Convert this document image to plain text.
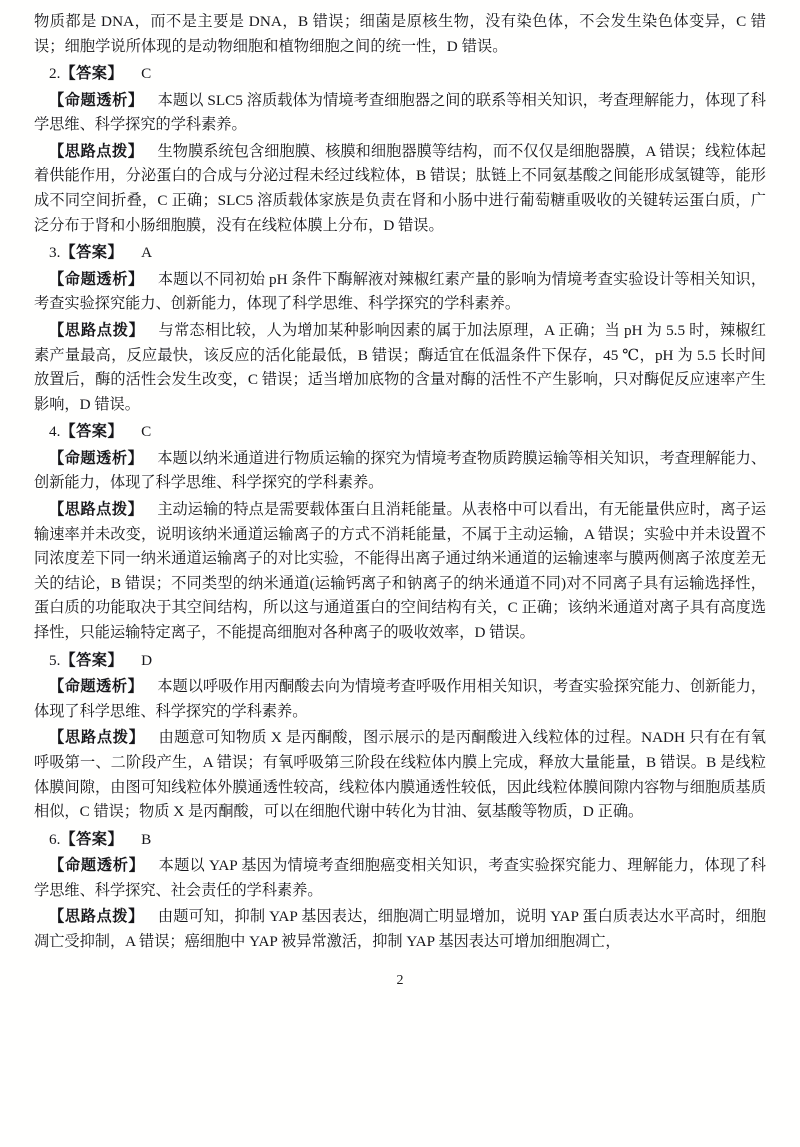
物质都是 DNA，而不是主要是 DNA，B 错误；细菌是原核生物，没有染色体，不会发生染色体变异，C 错误；细胞学说所体现的是动物细胞和植物细胞之间的统一性，D 错误。
2.【答案】 C
【命题透析】 本题以 SLC5 溶质载体为情境考查细胞器之间的联系等相关知识，考查理解能力，体现了科学思维、科学探究的学科素养。
【思路点拨】 生物膜系统包含细胞膜、核膜和细胞器膜等结构，而不仅仅是细胞器膜，A 错误；线粒体起着供能作用，分泌蛋白的合成与分泌过程未经过线粒体，B 错误；肽链上不同氨基酸之间能形成氢键等，能形成不同空间折叠，C 正确；SLC5 溶质载体家族是负责在肾和小肠中进行葡萄糖重吸收的关键转运蛋白质，广泛分布于肾和小肠细胞膜，没有在线粒体膜上分布，D 错误。
3.【答案】 A
【命题透析】 本题以不同初始 pH 条件下酶解液对辣椒红素产量的影响为情境考查实验设计等相关知识，考查实验探究能力、创新能力，体现了科学思维、科学探究的学科素养。
【思路点拨】 与常态相比较，人为增加某种影响因素的属于加法原理，A 正确；当 pH 为 5.5 时，辣椒红素产量最高，反应最快，该反应的活化能最低，B 错误；酶适宜在低温条件下保存，45 ℃，pH 为 5.5 长时间放置后，酶的活性会发生改变，C 错误；适当增加底物的含量对酶的活性不产生影响，只对酶促反应速率产生影响，D 错误。
4.【答案】 C
【命题透析】 本题以纳米通道进行物质运输的探究为情境考查物质跨膜运输等相关知识，考查理解能力、创新能力，体现了科学思维、科学探究的学科素养。
【思路点拨】 主动运输的特点是需要载体蛋白且消耗能量。从表格中可以看出，有无能量供应时，离子运输速率并未改变，说明该纳米通道运输离子的方式不消耗能量，不属于主动运输，A 错误；实验中并未设置不同浓度差下同一纳米通道运输离子的对比实验，不能得出离子通过纳米通道的运输速率与膜两侧离子浓度差无关的结论，B 错误；不同类型的纳米通道(运输钙离子和钠离子的纳米通道不同)对不同离子具有运输选择性，蛋白质的功能取决于其空间结构，所以这与通道蛋白的空间结构有关，C 正确；该纳米通道对离子具有高度选择性，只能运输特定离子，不能提高细胞对各种离子的吸收效率，D 错误。
5.【答案】 D
【命题透析】 本题以呼吸作用丙酮酸去向为情境考查呼吸作用相关知识，考查实验探究能力、创新能力，体现了科学思维、科学探究的学科素养。
【思路点拨】 由题意可知物质 X 是丙酮酸，图示展示的是丙酮酸进入线粒体的过程。NADH 只有在有氧呼吸第一、二阶段产生，A 错误；有氧呼吸第三阶段在线粒体内膜上完成，释放大量能量，B 错误。B 是线粒体膜间隙，由图可知线粒体外膜通透性较高，线粒体内膜通透性较低，因此线粒体膜间隙内容物与细胞质基质相似，C 错误；物质 X 是丙酮酸，可以在细胞代谢中转化为甘油、氨基酸等物质，D 正确。
6.【答案】 B
【命题透析】 本题以 YAP 基因为情境考查细胞癌变相关知识，考查实验探究能力、理解能力，体现了科学思维、科学探究、社会责任的学科素养。
【思路点拨】 由题可知，抑制 YAP 基因表达，细胞凋亡明显增加，说明 YAP 蛋白质表达水平高时，细胞凋亡受抑制，A 错误；癌细胞中 YAP 被异常激活，抑制 YAP 基因表达可增加细胞凋亡，
2
